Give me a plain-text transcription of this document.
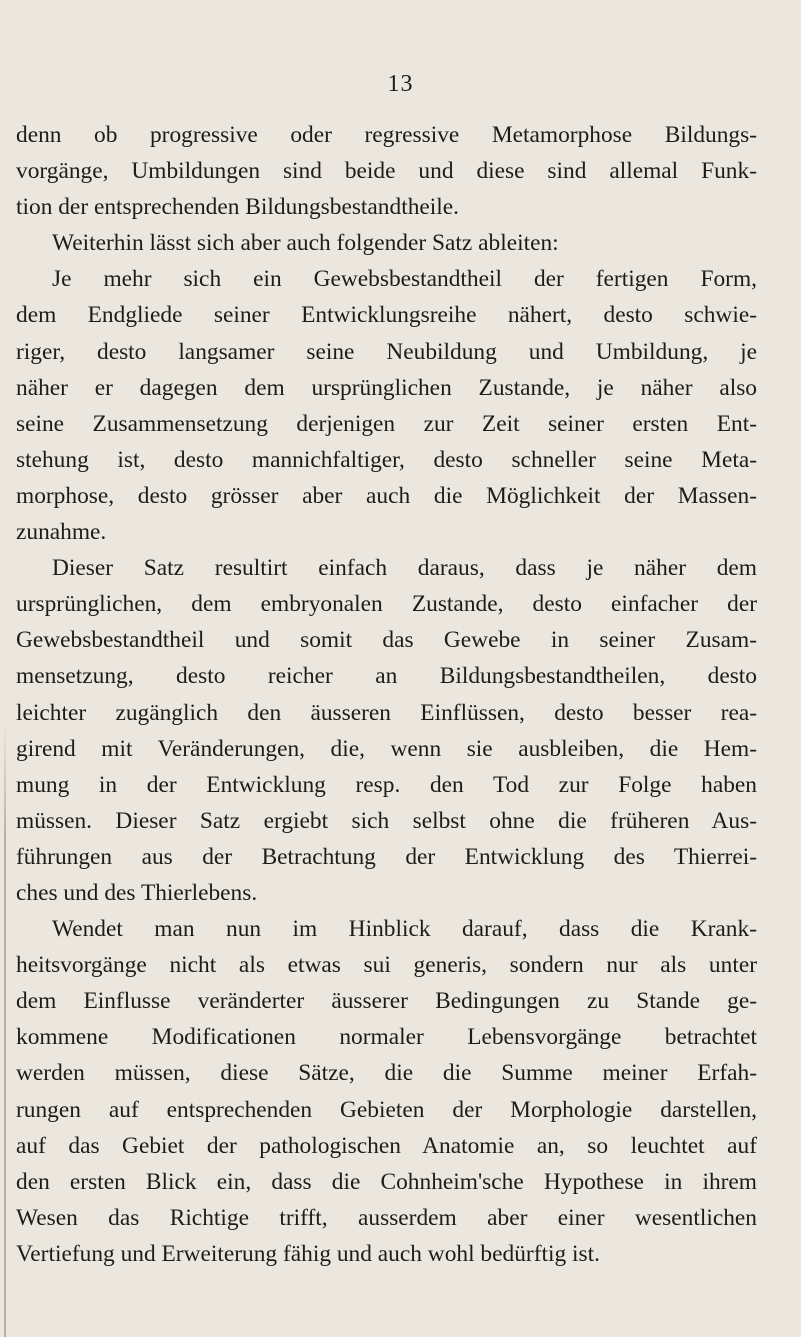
13
denn ob progressive oder regressive Metamorphose Bildungs-
vorgänge, Umbildungen sind beide und diese sind allemal Funk-
tion der entsprechenden Bildungsbestandtheile.
Weiterhin lässt sich aber auch folgender Satz ableiten:
Je mehr sich ein Gewebsbestandtheil der fertigen Form,
dem Endgliede seiner Entwicklungsreihe nähert, desto schwie-
riger, desto langsamer seine Neubildung und Umbildung, je
näher er dagegen dem ursprünglichen Zustande, je näher also
seine Zusammensetzung derjenigen zur Zeit seiner ersten Ent-
stehung ist, desto mannichfaltiger, desto schneller seine Meta-
morphose, desto grösser aber auch die Möglichkeit der Massen-
zunahme.
Dieser Satz resultirt einfach daraus, dass je näher dem
ursprünglichen, dem embryonalen Zustande, desto einfacher der
Gewebsbestandtheil und somit das Gewebe in seiner Zusam-
mensetzung, desto reicher an Bildungsbestandtheilen, desto
leichter zugänglich den äusseren Einflüssen, desto besser rea-
girend mit Veränderungen, die, wenn sie ausbleiben, die Hem-
mung in der Entwicklung resp. den Tod zur Folge haben
müssen. Dieser Satz ergiebt sich selbst ohne die früheren Aus-
führungen aus der Betrachtung der Entwicklung des Thierrei-
ches und des Thierlebens.
Wendet man nun im Hinblick darauf, dass die Krank-
heitsvorgänge nicht als etwas sui generis, sondern nur als unter
dem Einflusse veränderter äusserer Bedingungen zu Stande ge-
kommene Modificationen normaler Lebensvorgänge betrachtet
werden müssen, diese Sätze, die die Summe meiner Erfah-
rungen auf entsprechenden Gebieten der Morphologie darstellen,
auf das Gebiet der pathologischen Anatomie an, so leuchtet auf
den ersten Blick ein, dass die Cohnheim'sche Hypothese in ihrem
Wesen das Richtige trifft, ausserdem aber einer wesentlichen
Vertiefung und Erweiterung fähig und auch wohl bedürftig ist.
